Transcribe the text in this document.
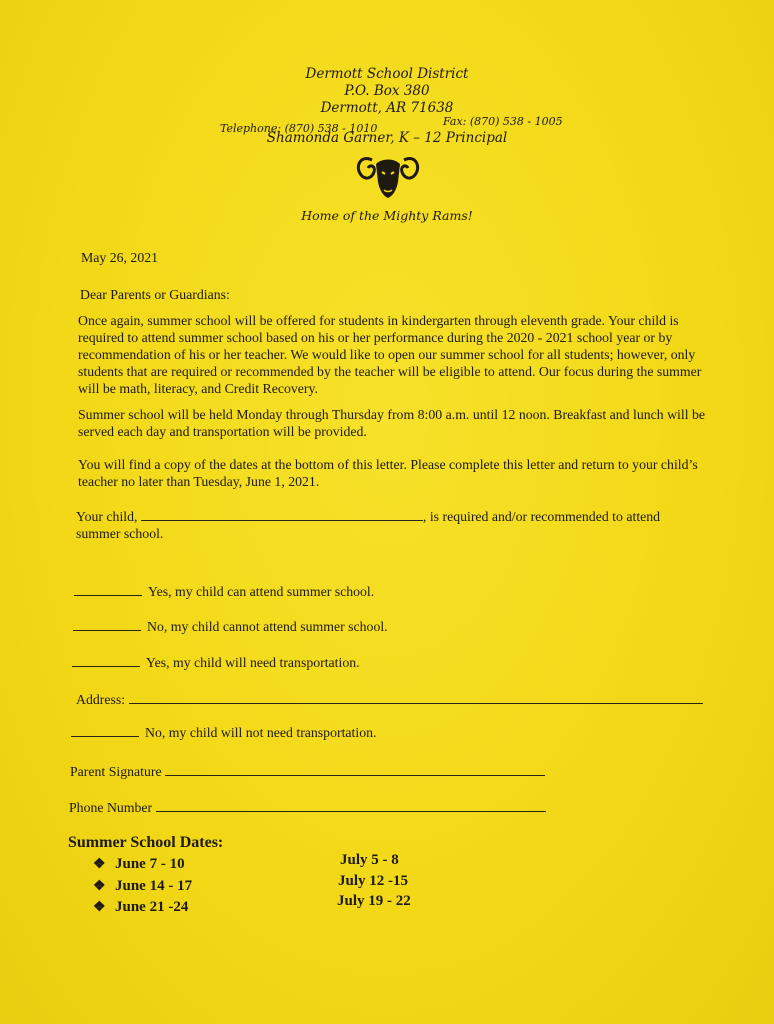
Dermott School District
P.O. Box 380
Dermott, AR 71638
Telephone: (870) 538 - 1010
Fax: (870) 538 - 1005
Shamonda Garner, K – 12 Principal
Home of the Mighty Rams!
May 26, 2021
Dear Parents or Guardians:
Once again, summer school will be offered for students in kindergarten through eleventh grade. Your child is required to attend summer school based on his or her performance during the 2020 - 2021 school year or by recommendation of his or her teacher. We would like to open our summer school for all students; however, only students that are required or recommended by the teacher will be eligible to attend. Our focus during the summer will be math, literacy, and Credit Recovery.
Summer school will be held Monday through Thursday from 8:00 a.m. until 12 noon. Breakfast and lunch will be served each day and transportation will be provided.
You will find a copy of the dates at the bottom of this letter. Please complete this letter and return to your child’s teacher no later than Tuesday, June 1, 2021.
Your child,	, is required and/or recommended to attend
summer school.
Yes, my child can attend summer school.
No, my child cannot attend summer school.
Yes, my child will need transportation.
Address:
No, my child will not need transportation.
Parent Signature
Phone Number
Summer School Dates:
❖ June 7 - 10
❖ June 14 - 17
❖ June 21 -24
July 5 - 8
July 12 -15
July 19 - 22
